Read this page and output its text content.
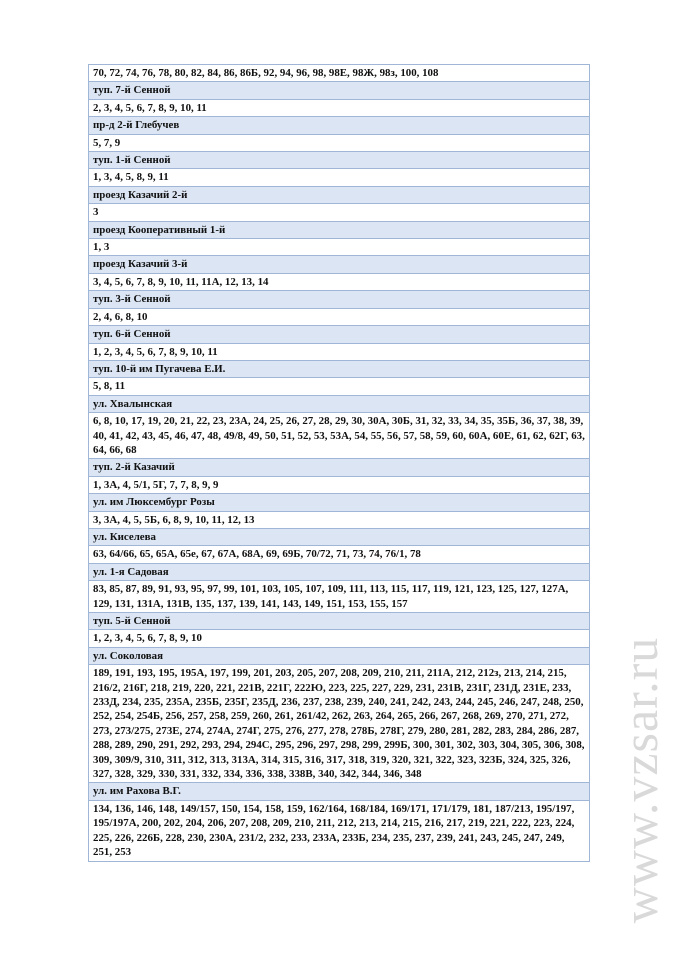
70, 72, 74, 76, 78, 80, 82, 84, 86, 86Б, 92, 94, 96, 98, 98Е, 98Ж, 98з, 100, 108
туп. 7-й Сенной
2, 3, 4, 5, 6, 7, 8, 9, 10, 11
пр-д 2-й Глебучев
5, 7, 9
туп. 1-й Сенной
1, 3, 4, 5, 8, 9, 11
проезд Казачий 2-й
3
проезд Кооперативный 1-й
1, 3
проезд Казачий 3-й
3, 4, 5, 6, 7, 8, 9, 10, 11, 11А, 12, 13, 14
туп. 3-й Сенной
2, 4, 6, 8, 10
туп. 6-й Сенной
1, 2, 3, 4, 5, 6, 7, 8, 9, 10, 11
туп. 10-й им Пугачева Е.И.
5, 8, 11
ул. Хвалынская
6, 8, 10, 17, 19, 20, 21, 22, 23, 23А, 24, 25, 26, 27, 28, 29, 30, 30А, 30Б, 31, 32, 33, 34, 35, 35Б, 36, 37, 38, 39, 40, 41, 42, 43, 45, 46, 47, 48, 49/8, 49, 50, 51, 52, 53, 53А, 54, 55, 56, 57, 58, 59, 60, 60А, 60Е, 61, 62, 62Г, 63, 64, 66, 68
туп. 2-й Казачий
1, 3А, 4, 5/1, 5Г, 7, 7, 8, 9, 9
ул. им Люксембург Розы
3, 3А, 4, 5, 5Б, 6, 8, 9, 10, 11, 12, 13
ул. Киселева
63, 64/66, 65, 65А, 65е, 67, 67А, 68А, 69, 69Б, 70/72, 71, 73, 74, 76/1, 78
ул. 1-я Садовая
83, 85, 87, 89, 91, 93, 95, 97, 99, 101, 103, 105, 107, 109, 111, 113, 115, 117, 119, 121, 123, 125, 127, 127А, 129, 131, 131А, 131В, 135, 137, 139, 141, 143, 149, 151, 153, 155, 157
туп. 5-й Сенной
1, 2, 3, 4, 5, 6, 7, 8, 9, 10
ул. Соколовая
189, 191, 193, 195, 195А, 197, 199, 201, 203, 205, 207, 208, 209, 210, 211, 211А, 212, 212з, 213, 214, 215, 216/2, 216Г, 218, 219, 220, 221, 221В, 221Г, 222Ю, 223, 225, 227, 229, 231, 231В, 231Г, 231Д, 231Е, 233, 233Д, 234, 235, 235А, 235Б, 235Г, 235Д, 236, 237, 238, 239, 240, 241, 242, 243, 244, 245, 246, 247, 248, 250, 252, 254, 254Б, 256, 257, 258, 259, 260, 261, 261/42, 262, 263, 264, 265, 266, 267, 268, 269, 270, 271, 272, 273, 273/275, 273Е, 274, 274А, 274Г, 275, 276, 277, 278, 278Б, 278Г, 279, 280, 281, 282, 283, 284, 286, 287, 288, 289, 290, 291, 292, 293, 294, 294С, 295, 296, 297, 298, 299, 299Б, 300, 301, 302, 303, 304, 305, 306, 308, 309, 309/9, 310, 311, 312, 313, 313А, 314, 315, 316, 317, 318, 319, 320, 321, 322, 323, 323Б, 324, 325, 326, 327, 328, 329, 330, 331, 332, 334, 336, 338, 338В, 340, 342, 344, 346, 348
ул. им Рахова В.Г.
134, 136, 146, 148, 149/157, 150, 154, 158, 159, 162/164, 168/184, 169/171, 171/179, 181, 187/213, 195/197, 195/197А, 200, 202, 204, 206, 207, 208, 209, 210, 211, 212, 213, 214, 215, 216, 217, 219, 221, 222, 223, 224, 225, 226, 226Б, 228, 230, 230А, 231/2, 232, 233, 233А, 233Б, 234, 235, 237, 239, 241, 243, 245, 247, 249, 251, 253	www.vzsar.ru
